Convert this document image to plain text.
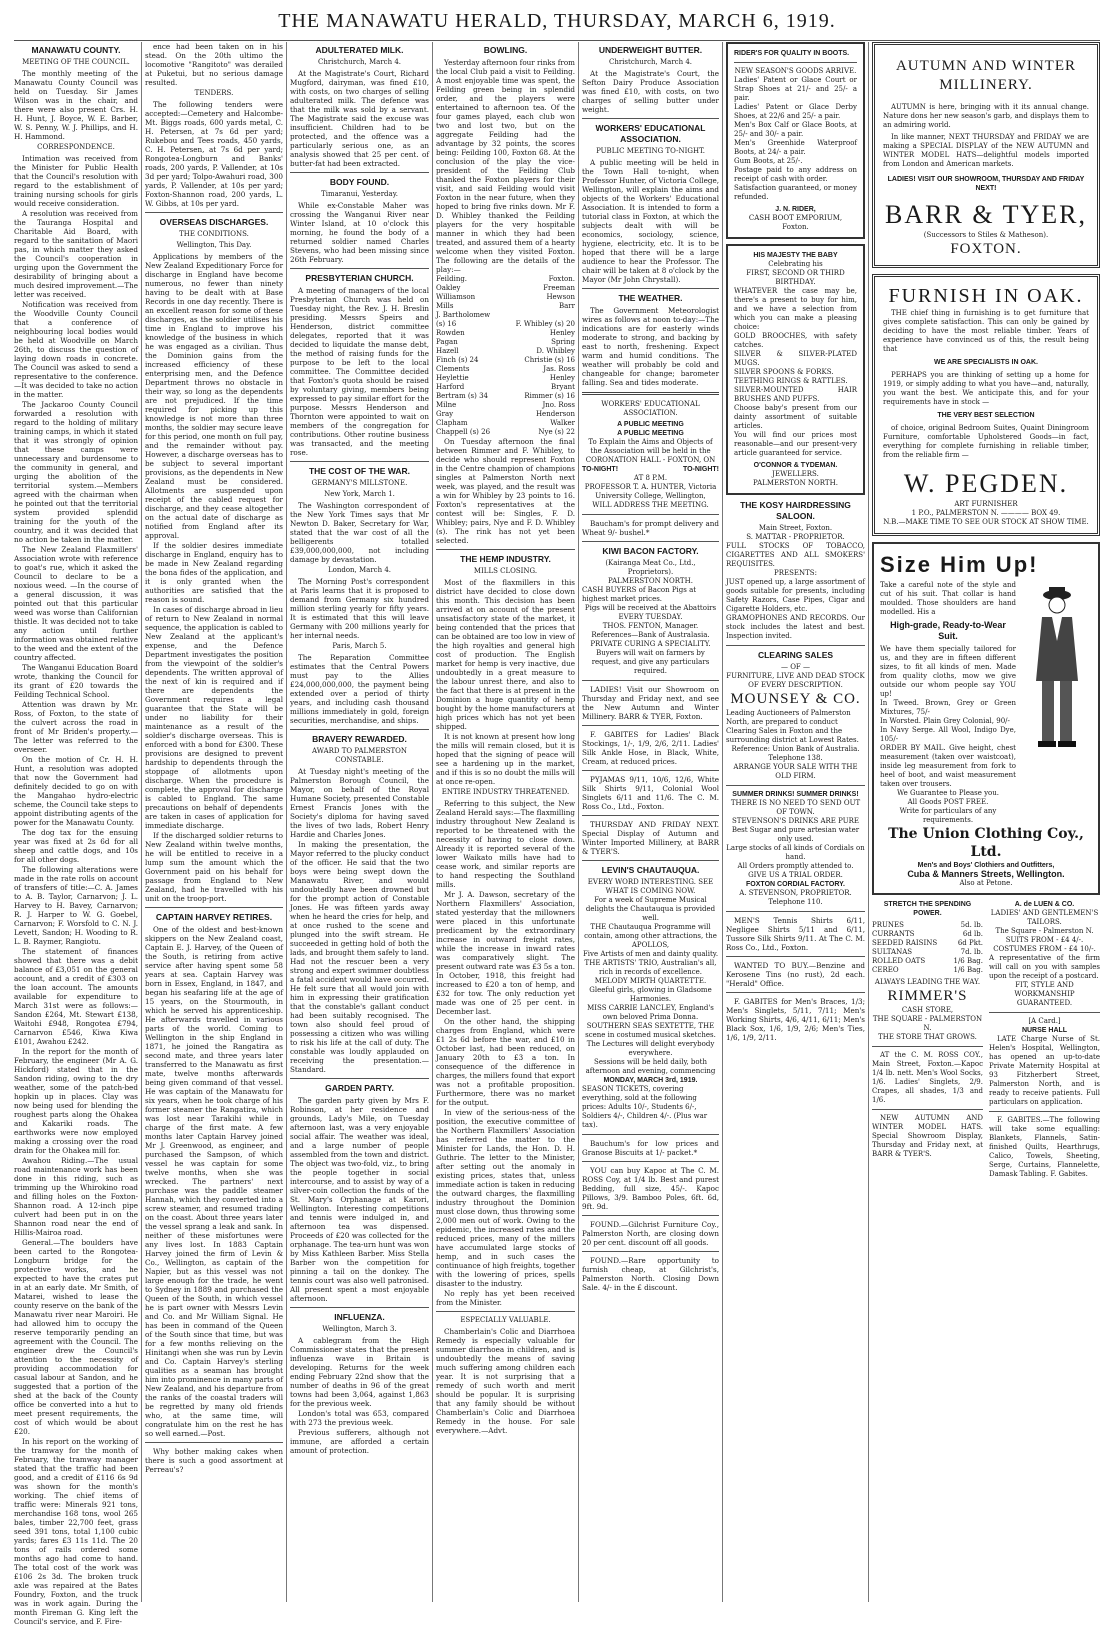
THE MANAWATU HERALD, THURSDAY, MARCH 6, 1919.
MANAWATU COUNTY.
MEETING OF THE COUNCIL.

The monthly meeting of the Manawatu County Council was held on Tuesday. Sir James Wilson was in the chair, and there were also present Crs. H. H. Hunt, J. Boyce, W. E. Barber, W. S. Penny, W. J. Phillips, and H. H. Hammond.

CORRESPONDENCE.

Intimation was received from the Minister for Public Health that the Council's resolution with regard to the establishment of training nursing schools for girls would receive consideration.

A resolution was received from the Tauranga Hospital and Charitable Aid Board, with regard to the sanitation of Maori pas, in which matter they asked the Council's cooperation in urging upon the Government the desirability of bringing about a much desired improvement.—The letter was received.

Notification was received from the Woodville County Council that a conference of neighbouring local bodies would be held at Woodville on March 26th, to discuss the question of laying down roads in concrete. The Council was asked to send a representative to the conference.—It was decided to take no action in the matter.

The Jackaroo County Council forwarded a resolution with regard to the holding of military training camps, in which it stated that it was strongly of opinion that these camps were unnecessary and burdensome to the community in general, and urging the abolition of the territorial system.—Members agreed with the chairman when he pointed out that the territorial system provided splendid training for the youth of the country, and it was decided that no action be taken in the matter.

The New Zealand Flaxmillers' Association wrote with reference to goat's rue, which it asked the Council to declare to be a noxious weed. —In the course of a general discussion, it was pointed out that this particular weed was worse than Californian thistle. It was decided not to take any action until further information was obtained relative to the weed and the extent of the country affected.

The Wanganui Education Board wrote, thanking the Council for its grant of £20 towards the Feilding Technical School.

Attention was drawn by Mr. Ross, of Foxton, to the state of the culvert across the road in front of Mr Briden's property.—The letter was referred to the overseer.

On the motion of Cr. H. H. Hunt, a resolution was adopted that now the Government had definitely decided to go on with the Mangahao hydro-electric scheme, the Council take steps to appoint distributing agents of the power for the Manawatu County.

The dog tax for the ensuing year was fixed at 2s 6d for all sheep and cattle dogs, and 10s for all other dogs.

The following alterations were made in the rate rolls on account of transfers of title:—C. A. James to A. B. Taylor, Carnarvon; J. L. Harvey to H. Bavey, Carnarvon; R. J. Harper to W. G. Goebel, Carnarvon; F. Worsfold to C. N. J. Levett, Sandon; H. Wooding to R. L. B. Raymer, Rangiotu.

The statement of finances showed that there was a debit balance of £3,051 on the general account, and a credit of £303 on the loan account. The amounts available for expenditure to March 31st were as follows:—Sandon £264, Mt. Stewart £138, Waitohi £948, Rongotea £794, Carnarvon £546, Kiwa Kiwa £101, Awahou £242.

In the report for the month of February, the engineer (Mr A. G. Hickford) stated that in the Sandon riding, owing to the dry weather, some of the patch-bed hopkin up in places. Clay was now being used for blending the roughest parts along the Ohakea and Kakariki roads. The earthworks were now employed making a crossing over the road drain for the Ohakea mill for.

Awahou Riding.—The usual road maintenance work has been done in this riding, such as trimming up the Whirokino road and filling holes on the Foxton-Shannon road. A 12-inch pipe culvert had been put in on the Shannon road near the end of Hillis-Mairoa road.

General.—The boulders have been carted to the Rongotea-Longburn bridge for the protective works, and he expected to have the crates put in at an early date. Mr Smith, of Matarei, wished to lease the county reserve on the bank of the Manawatu river near Maroiri. He had allowed him to occupy the reserve temporarily pending an agreement with the Council. The engineer drew the Council's attention to the necessity of providing accommodation for casual labour at Sandon, and he suggested that a portion of the shed at the back of the County office be converted into a hut to meet present requirements, the cost of which would be about £20.

In his report on the working of the tramway for the month of February, the tramway manager stated that the traffic had been good, and a credit of £116 6s 9d was shown for the month's working. The chief items of traffic were: Minerals 921 tons, merchandise 168 tons, wool 265 bales, timber 22,700 feet, grass seed 391 tons, total 1,100 cubic yards; fares £3 11s 11d. The 20 tons of rails ordered some months ago had come to hand. The total cost of the work was £106 2s 3d. The broken truck axle was repaired at the Bates Foundry, Foxton, and the truck was in work again. During the month Fireman G. King left the Council's service, and F. Fire-

ence had been taken on in his stead. On the 20th ultimo the locomotive "Rangitoto" was derailed at Puketui, but no serious damage resulted.

TENDERS.

The following tenders were accepted:—Cemetery and Halcombe-Mt. Biggs roads, 600 yards metal, C. H. Petersen, at 7s 6d per yard; Rukebou and Tees roads, 450 yards, C. H. Petersen, at 7s 6d per yard; Rongotea-Longburn and Banks' roads, 200 yards, P. Vallender, at 10s 3d per yard; Tolpo-Awahuri road, 300 yards, P. Vallender, at 10s per yard; Foxton-Shannon road, 200 yards, L. W. Gibbs, at 10s per yard.

OVERSEAS DISCHARGES.
THE CONDITIONS.
Wellington, This Day.

Applications by members of the New Zealand Expeditionary Force for discharge in England have become numerous, no fewer than ninety having to be dealt with at Base Records in one day recently. There is an excellent reason for some of these discharges, as the soldier utilises his time in England to improve his knowledge of the business in which he was engaged as a civilian. Thus the Dominion gains from the increased efficiency of these enterprising men, and the Defence Department throws no obstacle in their way, so long as the dependents are not prejudiced. If the time required for picking up this knowledge is not more than three months, the soldier may secure leave for this period, one month on full pay, and the remainder without pay. However, a discharge overseas has to be subject to several important provisions, as the dependents in New Zealand must be considered. Allotments are suspended upon receipt of the cabled request for discharge, and they cease altogether on the actual date of discharge as notified from England after its approval.

If the soldier desires immediate discharge in England, enquiry has to be made in New Zealand regarding the bona fides of the application, and it is only granted when the authorities are satisfied that the reason is sound.

In cases of discharge abroad in lieu of return to New Zealand in normal sequence, the application is cabled to New Zealand at the applicant's expense, and the Defence Department investigates the position from the viewpoint of the soldier's dependents. The written approval of the next of kin is required and if there are dependents the Government requires a legal guarantee that the State will be under no liability for their maintenance as a result of the soldier's discharge overseas. This is enforced with a bond for £300. These provisions are designed to prevent hardship to dependents through the stoppage of allotments upon discharge. When the procedure is complete, the approval for discharge is cabled to England. The same precautions on behalf of dependents are taken in cases of application for immediate discharge.

If the discharged soldier returns to New Zealand within twelve months, he will be entitled to receive in a lump sum the amount which the Government paid on his behalf for passage from England to New Zealand, had he travelled with his unit on the troop-port.

CAPTAIN HARVEY RETIRES.

One of the oldest and best-known skippers on the New Zealand coast, Captain E. J. Harvey, of the Queen of the South, is retiring from active service after having spent some 58 years at sea. Captain Harvey was born in Essex, England, in 1847, and began his seafaring life at the age of 15 years, on the Stourmouth, in which he served his apprenticeship. He afterwards travelled in various parts of the world. Coming to Wellington in the ship England in 1871, he joined the Rangatira as second mate, and three years later transferred to the Manawatu as first mate, twelve months afterwards being given command of that vessel. He was captain of the Manawatu for six years, when he took charge of his former steamer the Rangatira, which was lost near Tarakihi while in charge of the first mate. A few months later Captain Harvey joined Mr J. Greenwood, as engineer, and purchased the Sampson, of which vessel he was captain for some twelve months, when she was wrecked. The partners' next purchase was the paddle steamer Hannah, which they converted into a screw steamer, and resumed trading on the coast. About three years later the vessel sprang a leak and sank. In neither of these misfortunes were any lives lost. In 1883 Captain Harvey joined the firm of Levin & Co., Wellington, as captain of the Napier, but as this vessel was not large enough for the trade, he went to Sydney in 1889 and purchased the Queen of the South, in which vessel he is part owner with Messrs Levin and Co. and Mr William Signal. He has been in command of the Queen of the South since that time, but was for a few months relieving on the Hinitangi when she was run by Levin and Co. Captain Harvey's sterling qualities as a seaman has brought him into prominence in many parts of New Zealand, and his departure from the ranks of the coastal traders will be regretted by many old friends who, at the same time, will congratulate him on the rest he has so well earned.—Post.

Why bother making cakes when there is such a good assortment at Perreau's?

ADULTERATED MILK.
Christchurch, March 4.

At the Magistrate's Court, Richard Mugford, dairyman, was fined £10, with costs, on two charges of selling adulterated milk. The defence was that the milk was sold by a servant. The Magistrate said the excuse was insufficient. Children had to be protected, and the offence was a particularly serious one, as an analysis showed that 25 per cent. of butter-fat had been extracted.

BODY FOUND.
Timaranui, Yesterday.

While ex-Constable Maher was crossing the Wanganui River near Winter Island, at 10 o'clock this morning, he found the body of a returned soldier named Charles Stevens, who had been missing since 26th February.

PRESBYTERIAN CHURCH.

A meeting of managers of the local Presbyterian Church was held on Tuesday night, the Rev. J. H. Breslin presiding. Messrs Speirs and Henderson, district committee delegates, reported that it was decided to liquidate the manse debt, the method of raising funds for the purpose to be left to the local committee. The Committee decided that Foxton's quota should be raised by voluntary giving, members being expressed to pay similar effort for the purpose. Messrs Henderson and Thornton were appointed to wait on members of the congregation for contributions. Other routine business was transacted, and the meeting rose.

THE COST OF THE WAR.
GERMANY'S MILLSTONE.
New York, March 1.

The Washington correspondent of the New York Times says that Mr Newton D. Baker, Secretary for War, stated that the war cost of all the belligerents totalled £39,000,000,000, not including damage by devastation.

London, March 4.

The Morning Post's correspondent at Paris learns that it is proposed to demand from Germany six hundred million sterling yearly for fifty years. It is estimated that this will leave Germany with 200 millions yearly for her internal needs.

Paris, March 5.

The Reparation Committee estimates that the Central Powers must pay to the Allies £24,000,000,000, the payment being extended over a period of thirty years, and including cash thousand millions immediately in gold, foreign securities, merchandise, and ships.

BRAVERY REWARDED.
AWARD TO PALMERSTON CONSTABLE.

At Tuesday night's meeting of the Palmerston Borough Council, the Mayor, on behalf of the Royal Humane Society, presented Constable Ernest Francis Jones with the Society's diploma for having saved the lives of two lads, Robert Henry Hardie and Charles Jones.

In making the presentation, the Mayor referred to the plucky conduct of the officer. He said that the two boys were being swept down the Manawatu River, and would undoubtedly have been drowned but for the prompt action of Constable Jones. He was fifteen yards away when he heard the cries for help, and at once rushed to the scene and plunged into the swift stream. He succeeded in getting hold of both the lads, and brought them safely to land. Had not the rescuer been a very strong and expert swimmer doubtless a fatal accident would have occurred. He felt sure that all would join with him in expressing their gratification that the constable's gallant conduct had been suitably recognised. The town also should feel proud of possessing a citizen who was willing to risk his life at the call of duty. The constable was loudly applauded on receiving the presentation.—Standard.

GARDEN PARTY.

The garden party given by Mrs F. Robinson, at her residence and grounds, Lady's Mile, on Tuesday afternoon last, was a very enjoyable social affair. The weather was ideal, and a large number of people assembled from the town and district. The object was two-fold, viz., to bring the people together in social intercourse, and to assist by way of a silver-coin collection the funds of the St. Mary's Orphanage at Karori, Wellington. Interesting competitions and tennis were indulged in, and afternoon tea was dispensed. Proceeds of £20 was collected for the orphanage. The tea-urn hunt was won by Miss Kathleen Barber. Miss Stella Barber won the competition for pinning a tail on the donkey. The tennis court was also well patronised. All present spent a most enjoyable afternoon.

INFLUENZA.
Wellington, March 3.

A cablegram from the High Commissioner states that the present influenza wave in Britain is developing. Returns for the week ending February 22nd show that the number of deaths in 96 of the great towns had been 3,064, against 1,863 for the previous week.

London's total was 653, compared with 273 the previous week.

Previous sufferers, although not immune, are afforded a certain amount of protection.

BOWLING.

Yesterday afternoon four rinks from the local Club paid a visit to Feilding. A most enjoyable time was spent, the Feilding green being in splendid order, and the players were entertained to afternoon tea. Of the four games played, each club won two and lost two, but on the aggregate Feilding had the advantage by 32 points, the scores being: Feilding 100, Foxton 68. At the conclusion of the play the vice-president of the Feilding Club thanked the Foxton players for their visit, and said Feilding would visit Foxton in the near future, when they hoped to bring five rinks down. Mr F. D. Whibley thanked the Feilding players for the very hospitable manner in which they had been treated, and assured them of a hearty welcome when they visited Foxton. The following are the details of the play:—

Feilding.	Foxton.
Oakley	Freeman
Williamson	Hewson
Mills	Barr
J. Bartholomew	
(s) 16	F. Whibley (s) 20
Rowden	Henley
Pagan	Spring
Hazell	D. Whibley
Finch (s) 24	Christie (s) 16
Clements	Jas. Ross
Heylettie	Henley
Harford	Bryant
Bertram (s) 34	Rimmer (s) 16
Milne	Jno. Ross
Gray	Henderson
Clapham	Walker
Chappell (s) 26	Nye (s) 22

On Tuesday afternoon the final between Rimmer and F. Whibley, to decide who should represent Foxton in the Centre champion of champions singles at Palmerston North next week, was played, and the result was a win for Whibley by 23 points to 16. Foxton's representatives at the contest will be: Singles, F. D. Whibley; pairs, Nye and F. D. Whibley (s). The rink has not yet been selected.

THE HEMP INDUSTRY.
MILLS CLOSING.

Most of the flaxmillers in this district have decided to close down this month. This decision has been arrived at on account of the present unsatisfactory state of the market, it being contended that the prices that can be obtained are too low in view of the high royalties and general high cost of production. The English market for hemp is very inactive, due undoubtedly in a great measure to the labour unrest there, and also to the fact that there is at present in the Dominion a huge quantity of hemp bought by the home manufacturers at high prices which has not yet been shipped.

It is not known at present how long the mills will remain closed, but it is hoped that the signing of peace will see a hardening up in the market, and if this is so no doubt the mills will at once re-open.

ENTIRE INDUSTRY THREATENED.

Referring to this subject, the New Zealand Herald says:—The flaxmilling industry throughout New Zealand is reported to be threatened with the necessity of having to close down. Already it is reported several of the lower Waikato mills have had to cease work, and similar reports are to hand respecting the Southland mills.

Mr J. A. Dawson, secretary of the Northern Flaxmillers' Association, stated yesterday that the millowners were placed in this unfortunate predicament by the extraordinary increase in outward freight rates, while the increase in inward rates was comparatively slight. The present outward rate was £3 5s a ton. In October, 1918, this freight had increased to £20 a ton of hemp, and £32 for tow. The only reduction yet made was one of 25 per cent. in December last.

On the other hand, the shipping charges from England, which were £1 2s 6d before the war, and £10 in October last, had been reduced, on January 20th to £3 a ton. In consequence of the difference in charges, the millers found that export was not a profitable proposition. Furthermore, there was no market for the output.

In view of the serious-ness of the position, the executive committee of the Northern Flaxmillers' Association has referred the matter to the Minister for Lands, the Hon. D. H. Guthrie. The letter to the Minister, after setting out the anomaly in existing prices, states that, unless immediate action is taken in reducing the outward charges, the flaxmilling industry throughout the Dominion must close down, thus throwing some 2,000 men out of work. Owing to the epidemic, the increased rates and the reduced prices, many of the millers have accumulated large stocks of hemp, and in such cases the continuance of high freights, together with the lowering of prices, spells disaster to the industry.

No reply has yet been received from the Minister.

ESPECIALLY VALUABLE.

Chamberlain's Colic and Diarrhoea Remedy is especially valuable for summer diarrhoea in children, and is undoubtedly the means of saving much suffering among children each year. It is not surprising that a remedy of such worth and merit should be popular. It is surprising that any family should be without Chamberlain's Colic and Diarrhoea Remedy in the house. For sale everywhere.—Advt.

UNDERWEIGHT BUTTER.
Christchurch, March 4.

At the Magistrate's Court, the Sefton Dairy Produce Association was fined £10, with costs, on two charges of selling butter under weight.

WORKERS' EDUCATIONAL ASSOCIATION.
PUBLIC MEETING TO-NIGHT.

A public meeting will be held in the Town Hall to-night, when Professor Hunter, of Victoria College, Wellington, will explain the aims and objects of the Workers' Educational Association. It is intended to form a tutorial class in Foxton, at which the subjects dealt with will be economics, sociology, science, hygiene, electricity, etc. It is to be hoped that there will be a large audience to hear the Professor. The chair will be taken at 8 o'clock by the Mayor (Mr John Chrystall).

THE WEATHER.

The Government Meteorologist wires as follows at noon to-day:—The indications are for easterly winds moderate to strong, and backing by east to north, freshening. Expect warm and humid conditions. The weather will probably be cold and changeable for change; barometer falling. Sea and tides moderate.

WORKERS' EDUCATIONAL ASSOCIATION.
A PUBLIC MEETING
A PUBLIC MEETING
To Explain the Aims and Objects of the Association will be held in the
CORONATION HALL - FOXTON, ON
TO-NIGHT!	TO-NIGHT!
AT 8 P.M.
PROFESSOR T. A. HUNTER, Victoria University College, Wellington,
WILL ADDRESS THE MEETING.

Baucham's for prompt delivery and Wheat 9/- bushel.*

KIWI BACON FACTORY.
(Kairanga Meat Co., Ltd., Proprietors).
PALMERSTON NORTH.
CASH BUYERS of Bacon Pigs at highest market prices.
Pigs will be received at the Abattoirs EVERY TUESDAY.
THOS. FENTON, Manager.
References—Bank of Australasia.
PRIVATE CURING A SPECIALITY.
Buyers will wait on farmers by request, and give any particulars required.

LADIES! Visit our Showroom on Thursday and Friday next, and see the New Autumn and Winter Millinery. BARR & TYER, Foxton.

F. GABITES for Ladies' Black Stockings, 1/-, 1/9, 2/6, 2/11. Ladies' Silk Ankle Hose, in Black, White, Cream, at reduced prices.

PYJAMAS 9/11, 10/6, 12/6, White Silk Shirts 9/11, Colonial Wool Singlets 6/11 and 11/6. The C. M. Ross Co., Ltd., Foxton.

THURSDAY AND FRIDAY NEXT. Special Display of Autumn and Winter Imported Millinery, at BARR & TYER'S.

LEVIN'S CHAUTAUQUA.
EVERY WORD INTERESTING. SEE WHAT IS COMING NOW.
For a week of Supreme Musical delights the Chautauqua is provided well.
THE Chautauqua Programme will contain, among other attractions, the
APOLLOS,
Five Artists of men and dainty quality.
THE ARTISTS' TRIO, Australian's all, rich in records of excellence.
MELODY MIRTH QUARTETTE. Gleeful girls, glowing in Gladsome Harmonies.
MISS CARRIE LANCLEY, England's own beloved Prima Donna.
SOUTHERN SEAS SEXTETTE, THE scene in costumed musical sketches.
The Lectures will delight everybody everywhere.
Sessions will be held daily, both afternoon and evening, commencing
MONDAY, MARCH 3rd, 1919.
SEASON TICKETS, covering everything, sold at the following prices: Adults 10/-, Students 6/-, Soldiers 4/-, Children 4/-. (Plus war tax).

Bauchum's for low prices and Granose Biscuits at 1/- packet.*

YOU can buy Kapoc at The C. M. ROSS Coy, at 1/4 lb. Best and purest Bedding, full size, 45/-. Kapoc Pillows, 3/9. Bamboo Poles, 6ft. 6d, 9ft. 9d.

FOUND.—Gilchrist Furniture Coy., Palmerston North, are closing down 20 per cent. discount off all goods.

FOUND.—Rare opportunity to furnish cheap, at Gilchrist's, Palmerston North. Closing Down Sale. 4/- in the £ discount.

RIDER'S FOR QUALITY IN BOOTS.
NEW SEASON'S GOODS ARRIVE.
Ladies' Patent or Glace Court or Strap Shoes at 21/- and 25/- a pair.
Ladies' Patent or Glace Derby Shoes, at 22/6 and 25/- a pair.
Men's Box Calf or Glace Boots, at 25/- and 30/- a pair.
Men's Greenhide Waterproof Boots, at 24/- a pair.
Gum Boots, at 25/-.
Postage paid to any address on receipt of cash with order.
Satisfaction guaranteed, or money refunded.
J. N. RIDER,
CASH BOOT EMPORIUM,
Foxton.
HIS MAJESTY THE BABY
Celebrating his
FIRST, SECOND OR THIRD BIRTHDAY.
WHATEVER the case may be, there's a present to buy for him, and we have a selection from which you can make a pleasing choice:
GOLD BROOCHES, with safety catches.
SILVER & SILVER-PLATED MUGS.
SILVER SPOONS & FORKS.
TEETHING RINGS & RATTLES.
SILVER-MOUNTED HAIR BRUSHES AND PUFFS.
Choose baby's present from our dainty assortment of suitable articles.
You will find our prices most reasonable—and our present-very article guaranteed for service.
O'CONNOR & TYDEMAN.
JEWELLERS.
PALMERSTON NORTH.
THE KOSY HAIRDRESSING SALOON.
Main Street, Foxton.
S. MATTAR - PROPRIETOR.
FULL STOCKS OF TOBACCO, CIGARETTES AND ALL SMOKERS' REQUISITES.
PRESENTS:
JUST opened up, a large assortment of goods suitable for presents, including Safety Razors, Case Pipes, Cigar and Cigarette Holders, etc.
GRAMOPHONES AND RECORDS. Our stock includes the latest and best. Inspection invited.
CLEARING SALES
— OF —
FURNITURE, LIVE AND DEAD STOCK OF EVERY DESCRIPTION.
MOUNSEY & CO.
Leading Auctioneers of Palmerston North, are prepared to conduct Clearing Sales in Foxton and the surrounding district at Lowest Rates.
Reference: Union Bank of Australia.
Telephone 138.
ARRANGE YOUR SALE WITH THE OLD FIRM.
SUMMER DRINKS! SUMMER DRINKS!
THERE IS NO NEED TO SEND OUT OF TOWN.
STEVENSON'S DRINKS ARE PURE
Best Sugar and pure artesian water only used.
Large stocks of all kinds of Cordials on hand.
All Orders promptly attended to.
GIVE US A TRIAL ORDER.
FOXTON CORDIAL FACTORY.
A. STEVENSON, PROPRIETOR.
Telephone 110.

MEN'S Tennis Shirts 6/11, Negligee Shirts 5/11 and 6/11, Tussore Silk Shirts 9/11. At The C. M. Ross Co., Ltd., Foxton.

WANTED TO BUY.—Benzine and Kerosene Tins (no rust), 2d each. "Herald" Office.

F. GABITES for Men's Braces, 1/3; Men's Singlets, 5/11, 7/11; Men's Working Shirts, 4/6, 4/11, 6/11; Men's Black Sox, 1/6, 1/9, 2/6; Men's Ties, 1/6, 1/9, 2/11.

AUTUMN AND WINTER MILLINERY.

AUTUMN is here, bringing with it its annual change. Nature dons her new season's garb, and displays them to an admiring world.

In like manner, NEXT THURSDAY and FRIDAY we are making a SPECIAL DISPLAY of the NEW AUTUMN and WINTER MODEL HATS—delightful models imported from London and American markets.

LADIES! VISIT OUR SHOWROOM, THURSDAY AND FRIDAY NEXT!
BARR & TYER,
(Successors to Stiles & Matheson).
FOXTON.
FURNISH IN OAK.

THE chief thing in furnishing is to get furniture that gives complete satisfaction. This can only be gained by deciding to have the most reliable timber. Years of experience have convinced us of this, the result being that

WE ARE SPECIALISTS IN OAK.

PERHAPS you are thinking of setting up a home for 1919, or simply adding to what you have—and, naturally, you want the best. We anticipate this, and for your requirements have in stock —

THE VERY BEST SELECTION

of choice, original Bedroom Suites, Quaint Diningroom Furniture, comfortable Upholstered Goods—in fact, everything for complete furnishing in reliable timber, from the reliable firm —

W. PEGDEN.
ART FURNISHER
1 P.O., PALMERSTON N. ———— BOX 49.
N.B.—MAKE TIME TO SEE OUR STOCK AT SHOW TIME.
Size Him Up!
Take a careful note of the style and cut of his suit. That collar is hand moulded. Those shoulders are hand modelled. His a
High-grade, Ready-to-Wear Suit.
We have them specially tailored for us, and they are in fifteen different sizes, to fit all kinds of men. Made from quality cloths, mow we give outside our whom people say YOU up!
In Tweed. Brown, Grey or Green Mixtures, 75/-
In Worsted. Plain Grey Colonial, 90/-
In Navy Serge. All Wool, Indigo Dye, 105/-
ORDER BY MAIL. Give height, chest measurement (taken over waistcoat), inside leg measurement from fork to heel of boot, and waist measurement taken over trousers.
We Guarantee to Please you.
All Goods POST FREE.
Write for particulars of any requirements.
The Union Clothing Coy., Ltd.
Men's and Boys' Clothiers and Outfitters,
Cuba & Manners Streets, Wellington.
Also at Petone.
STRETCH THE SPENDING POWER.
PRUNES	5d. lb.
CURRANTS	6d lb.
SEEDED RAISINS	6d Pkt.
SULTANAS	7d. lb.
ROLLED OATS	1/6 Bag.
CEREO	1/6 Bag.
ALWAYS LEADING THE WAY.
RIMMER'S
CASH STORE,
THE SQUARE - PALMERSTON N.
THE STORE THAT GROWS.

AT the C. M. ROSS COY., Main Street, Foxton.—Kapoc 1/4 lb. nett. Men's Wool Socks, 1/6. Ladies' Singlets, 2/9. Crapes, all shades, 1/3 and 1/6.

NEW AUTUMN AND WINTER MODEL HATS. Special Showroom Display, Thursday and Friday next, at BARR & TYER'S.

A. de LUEN & CO.
LADIES' AND GENTLEMEN'S TAILORS.
The Square - Palmerston N.
SUITS FROM - £4 4/-.
COSTUMES FROM - £4 10/-.
A representative of the firm will call on you with samples upon the receipt of a postcard.
FIT, STYLE AND WORKMANSHIP GUARANTEED.
[A Card.]
NURSE HALL

LATE Charge Nurse of St. Helen's Hospital, Wellington, has opened an up-to-date Private Maternity Hospital at 93 Fitzherbert Street, Palmerston North, and is ready to receive patients. Full particulars on application.

F. GABITES.—The following will take some equalling: Blankets, Flannels, Satin-finished Quilts, Hearthrugs, Calico, Towels, Sheeting, Serge, Curtains, Flannelette, Damask Tabling. F. Gabites.
